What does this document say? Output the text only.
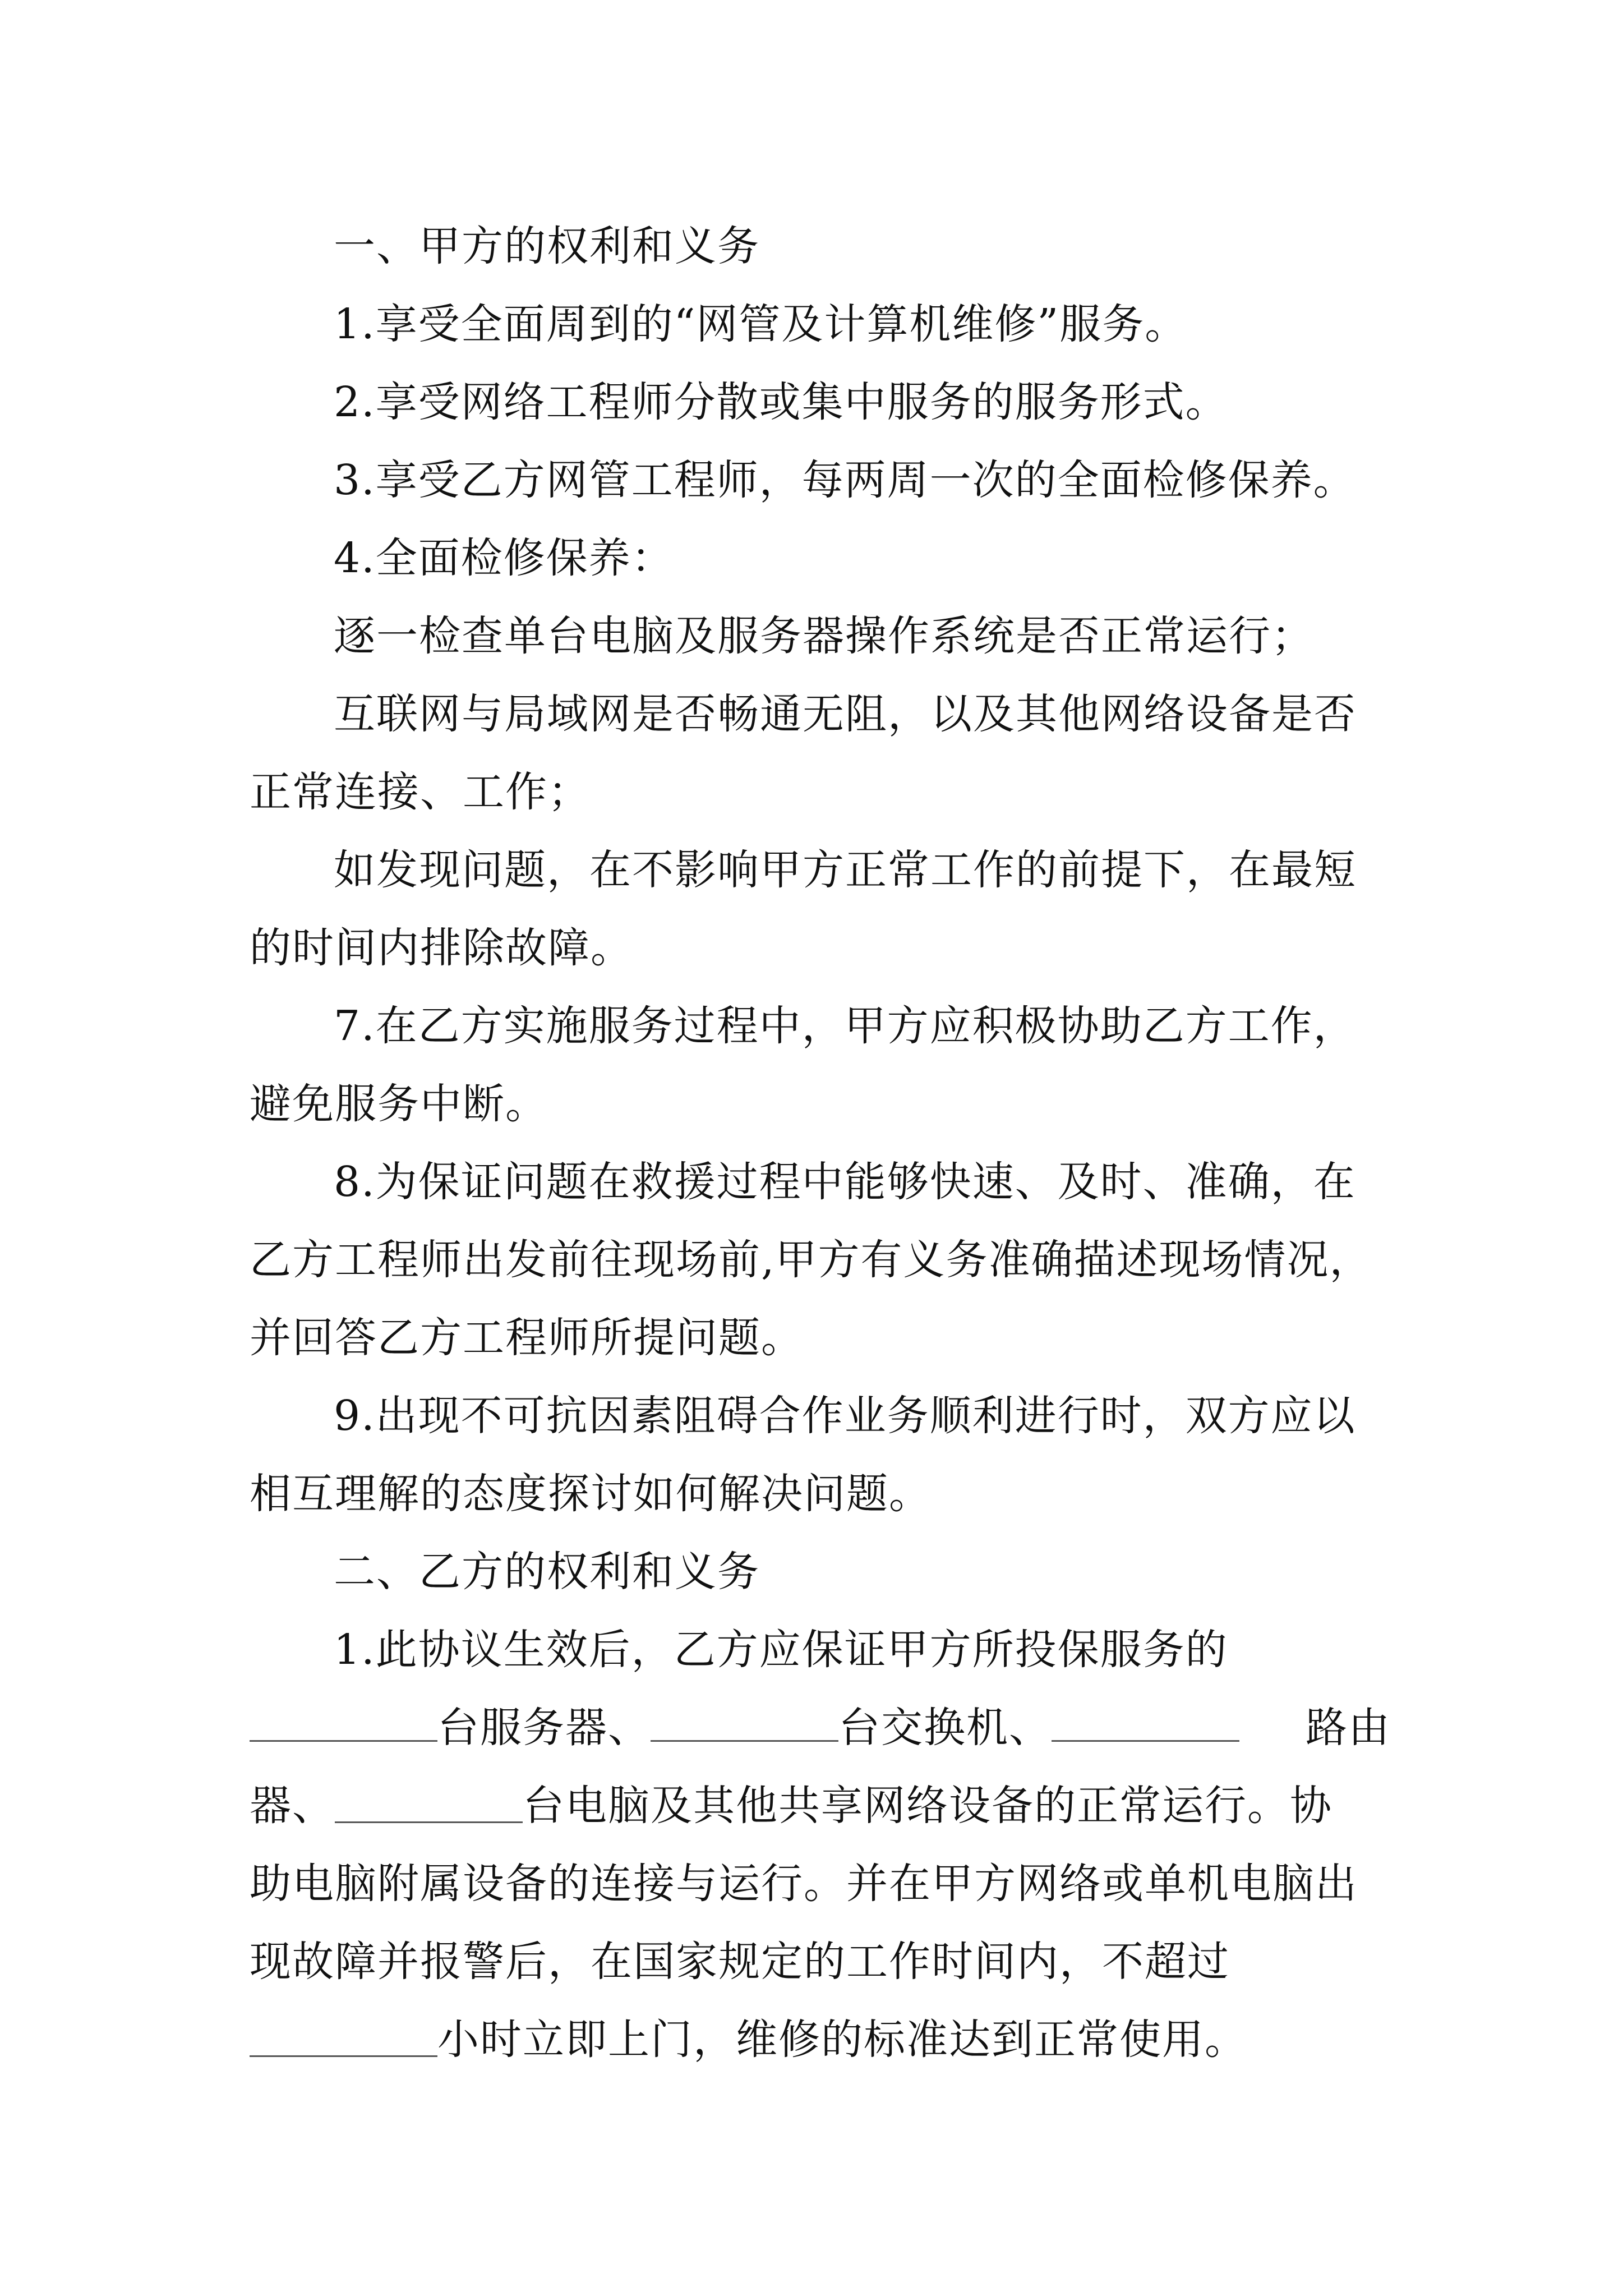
一、甲方的权利和义务
1.享受全面周到的“网管及计算机维修”服务。
2.享受网络工程师分散或集中服务的服务形式。
3.享受乙方网管工程师，每两周一次的全面检修保养。
4.全面检修保养：
逐一检查单台电脑及服务器操作系统是否正常运行；
互联网与局域网是否畅通无阻，以及其他网络设备是否
正常连接、工作；
如发现问题，在不影响甲方正常工作的前提下，在最短
的时间内排除故障。
7.在乙方实施服务过程中，甲方应积极协助乙方工作，
避免服务中断。
8.为保证问题在救援过程中能够快速、及时、准确，在
乙方工程师出发前往现场前,甲方有义务准确描述现场情况，
并回答乙方工程师所提问题。
9.出现不可抗因素阻碍合作业务顺利进行时，双方应以
相互理解的态度探讨如何解决问题。
二、乙方的权利和义务
1.此协议生效后，乙方应保证甲方所投保服务的
台服务器、	台交换机、	路由
器、	台电脑及其他共享网络设备的正常运行。协
助电脑附属设备的连接与运行。并在甲方网络或单机电脑出
现故障并报警后，在国家规定的工作时间内，不超过
小时立即上门，维修的标准达到正常使用。
